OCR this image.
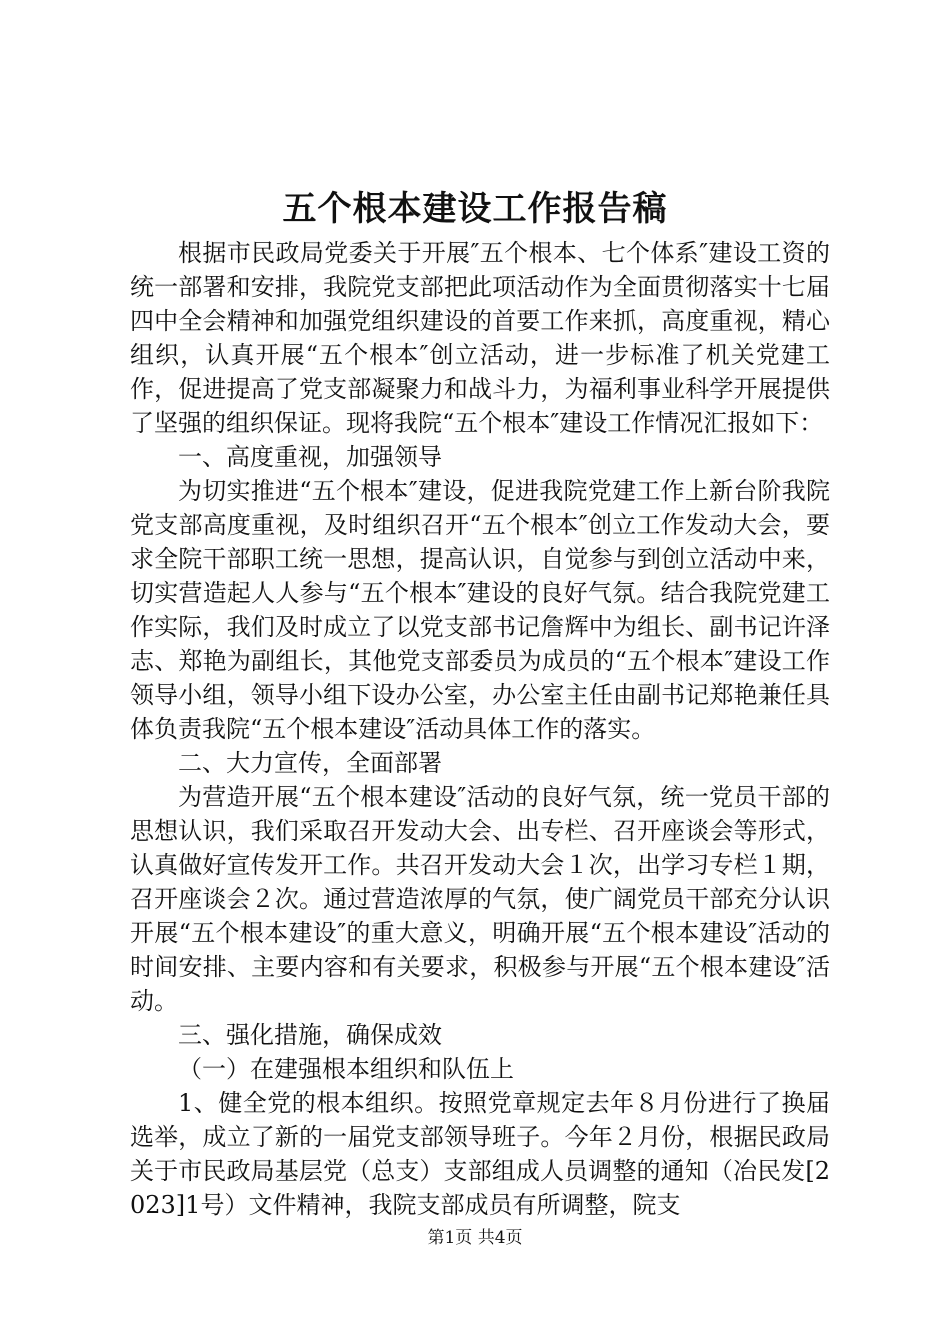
五个根本建设工作报告稿

根据市民政局党委关于开展″五个根本、七个体系″建设工资的统一部署和安排，我院党支部把此项活动作为全面贯彻落实十七届四中全会精神和加强党组织建设的首要工作来抓，高度重视，精心组织，认真开展“五个根本″创立活动，进一步标准了机关党建工作，促进提高了党支部凝聚力和战斗力，为福利事业科学开展提供了坚强的组织保证。现将我院“五个根本″建设工作情况汇报如下：

一、高度重视，加强领导

为切实推进“五个根本″建设，促进我院党建工作上新台阶我院党支部高度重视，及时组织召开“五个根本″创立工作发动大会，要求全院干部职工统一思想，提高认识，自觉参与到创立活动中来，切实营造起人人参与“五个根本″建设的良好气氛。结合我院党建工作实际，我们及时成立了以党支部书记詹辉中为组长、副书记许泽志、郑艳为副组长，其他党支部委员为成员的“五个根本″建设工作领导小组，领导小组下设办公室，办公室主任由副书记郑艳兼任具体负责我院“五个根本建设″活动具体工作的落实。

二、大力宣传，全面部署

为营造开展“五个根本建设″活动的良好气氛，统一党员干部的思想认识，我们采取召开发动大会、出专栏、召开座谈会等形式，认真做好宣传发开工作。共召开发动大会１次，出学习专栏１期，召开座谈会２次。通过营造浓厚的气氛，使广阔党员干部充分认识开展“五个根本建设″的重大意义，明确开展“五个根本建设″活动的时间安排、主要内容和有关要求，积极参与开展“五个根本建设″活动。

三、强化措施，确保成效

（一）在建强根本组织和队伍上

1、健全党的根本组织。按照党章规定去年８月份进行了换届选举，成立了新的一届党支部领导班子。今年２月份，根据民政局关于市民政局基层党（总支）支部组成人员调整的通知（冶民发[2023]1号）文件精神，我院支部成员有所调整，院支

第1页 共4页
